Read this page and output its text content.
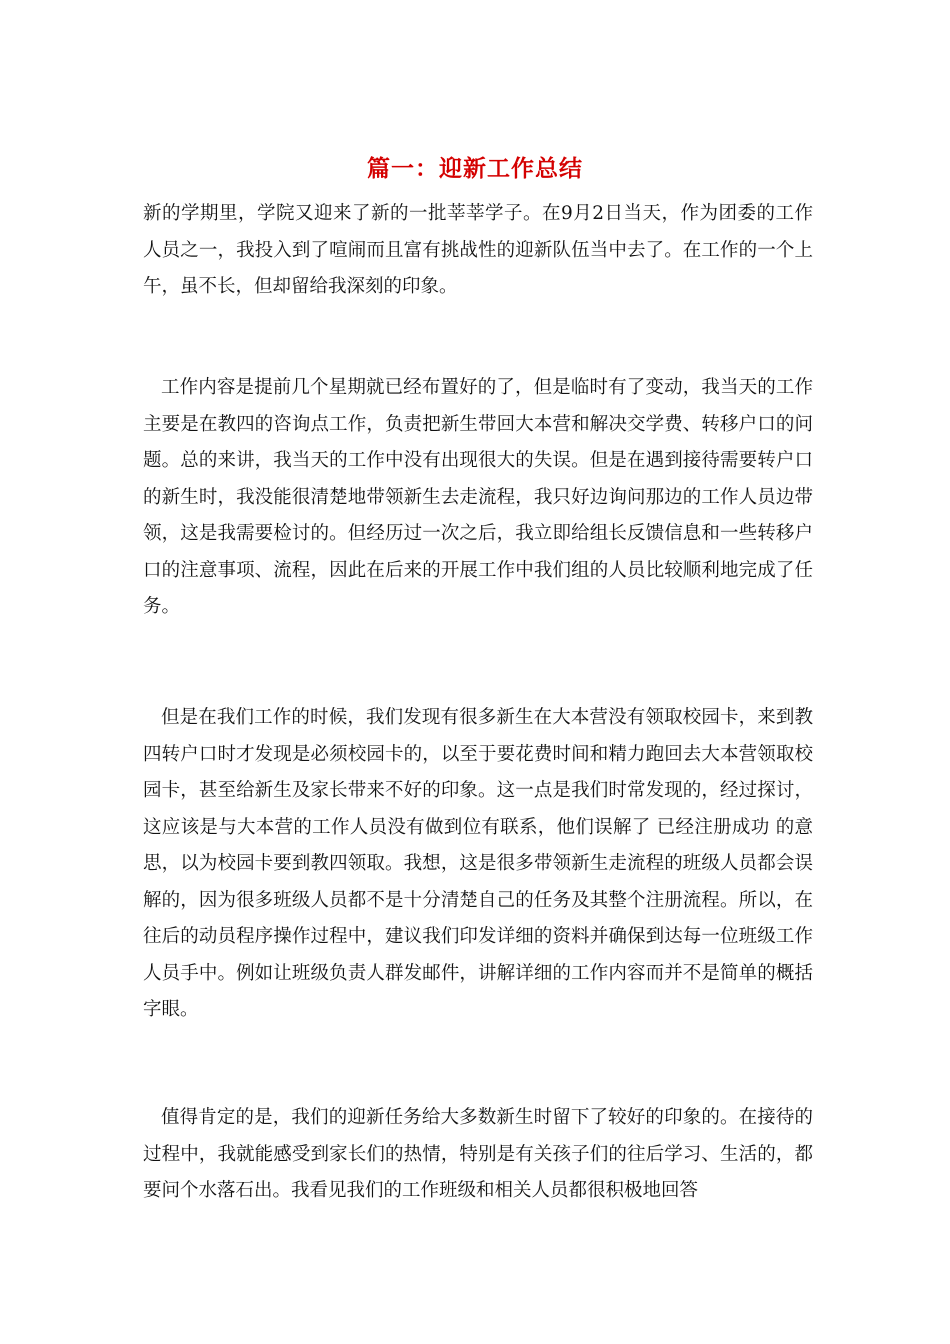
篇一：迎新工作总结

新的学期里，学院又迎来了新的一批莘莘学子。在9月2日当天，作为团委的工作人员之一，我投入到了喧闹而且富有挑战性的迎新队伍当中去了。在工作的一个上午，虽不长，但却留给我深刻的印象。

工作内容是提前几个星期就已经布置好的了，但是临时有了变动，我当天的工作主要是在教四的咨询点工作，负责把新生带回大本营和解决交学费、转移户口的问题。总的来讲，我当天的工作中没有出现很大的失误。但是在遇到接待需要转户口的新生时，我没能很清楚地带领新生去走流程，我只好边询问那边的工作人员边带领，这是我需要检讨的。但经历过一次之后，我立即给组长反馈信息和一些转移户口的注意事项、流程，因此在后来的开展工作中我们组的人员比较顺利地完成了任务。

但是在我们工作的时候，我们发现有很多新生在大本营没有领取校园卡，来到教四转户口时才发现是必须校园卡的，以至于要花费时间和精力跑回去大本营领取校园卡，甚至给新生及家长带来不好的印象。这一点是我们时常发现的，经过探讨，这应该是与大本营的工作人员没有做到位有联系，他们误解了 已经注册成功 的意思，以为校园卡要到教四领取。我想，这是很多带领新生走流程的班级人员都会误解的，因为很多班级人员都不是十分清楚自己的任务及其整个注册流程。所以，在往后的动员程序操作过程中，建议我们印发详细的资料并确保到达每一位班级工作人员手中。例如让班级负责人群发邮件，讲解详细的工作内容而并不是简单的概括字眼。

值得肯定的是，我们的迎新任务给大多数新生时留下了较好的印象的。在接待的过程中，我就能感受到家长们的热情，特别是有关孩子们的往后学习、生活的，都要问个水落石出。我看见我们的工作班级和相关人员都很积极地回答
